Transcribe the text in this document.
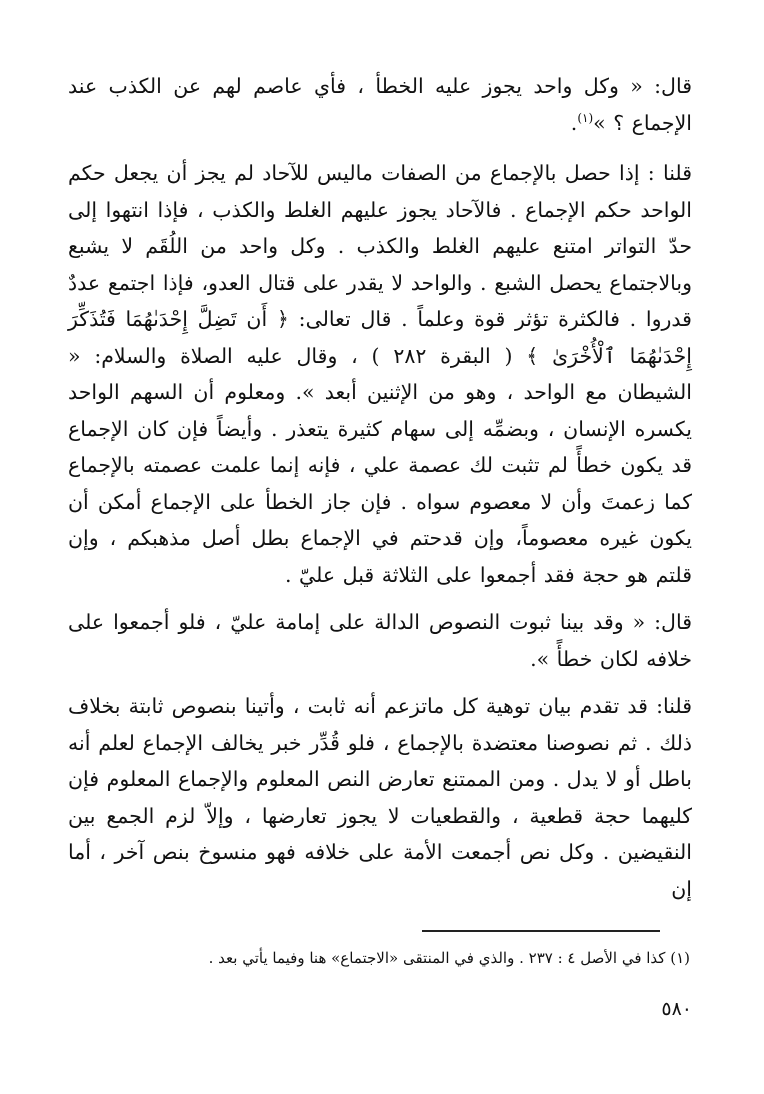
قال: « وكل واحد يجوز عليه الخطأ ، فأي عاصم لهم عن الكذب عند الإجماع ؟ »$^{(١)}$.

قلنا : إذا حصل بالإجماع من الصفات ماليس للآحاد لم يجز أن يجعل حكم الواحد حكم الإجماع . فالآحاد يجوز عليهم الغلط والكذب ، فإذا انتهوا إلى حدّ التواتر امتنع عليهم الغلط والكذب . وكل واحد من اللُقَم لا يشبع وبالاجتماع يحصل الشبع . والواحد لا يقدر على قتال العدو، فإذا اجتمع عددٌ قدروا . فالكثرة تؤثر قوة وعلماً . قال تعالى: ﴿ أَن تَضِلَّ إِحْدَىٰهُمَا فَتُذَكِّرَ إِحْدَىٰهُمَا ٱلْأُخْرَىٰ ﴾ ( البقرة ٢٨٢ ) ، وقال عليه الصلاة والسلام: « الشيطان مع الواحد ، وهو من الإثنين أبعد ». ومعلوم أن السهم الواحد يكسره الإنسان ، وبضمِّه إلى سهام كثيرة يتعذر . وأيضاً فإن كان الإجماع قد يكون خطأً لم تثبت لك عصمة علي ، فإنه إنما علمت عصمته بالإجماع كما زعمتَ وأن لا معصوم سواه . فإن جاز الخطأ على الإجماع أمكن أن يكون غيره معصوماً، وإن قدحتم في الإجماع بطل أصل مذهبكم ، وإن قلتم هو حجة فقد أجمعوا على الثلاثة قبل عليّ .

قال: « وقد بينا ثبوت النصوص الدالة على إمامة عليّ ، فلو أجمعوا على خلافه لكان خطأً ».

قلنا: قد تقدم بيان توهية كل ماتزعم أنه ثابت ، وأتينا بنصوص ثابتة بخلاف ذلك . ثم نصوصنا معتضدة بالإجماع ، فلو قُدِّر خبر يخالف الإجماع لعلم أنه باطل أو لا يدل . ومن الممتنع تعارض النص المعلوم والإجماع المعلوم فإن كليهما حجة قطعية ، والقطعيات لا يجوز تعارضها ، وإلاّ لزم الجمع بين النقيضين . وكل نص أجمعت الأمة على خلافه فهو منسوخ بنص آخر ، أما إن

(١) كذا في الأصل ٤ : ٢٣٧ . والذي في المنتقى «الاجتماع» هنا وفيما يأتي بعد .
٥٨٠
